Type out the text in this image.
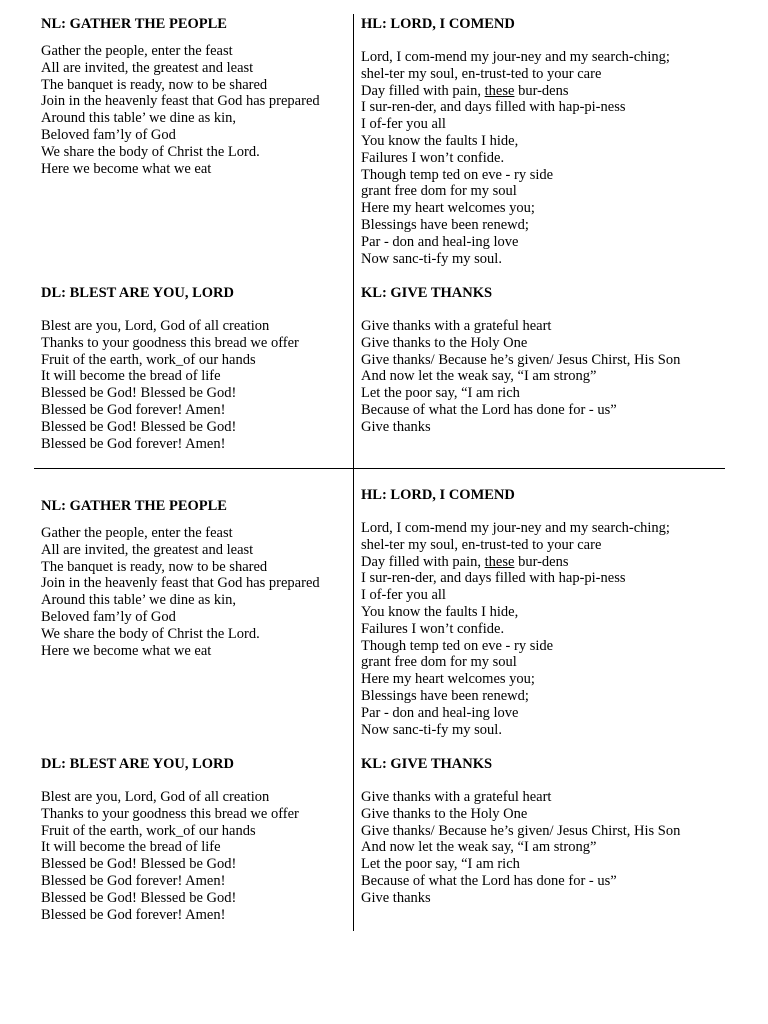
NL: GATHER THE PEOPLE
Gather the people, enter the feast
All are invited, the greatest and least
The banquet is ready, now to be shared
Join in the heavenly feast that God has prepared
Around this table’ we dine as kin,
Beloved fam’ly of God
We share the body of Christ the Lord.
Here we become what we eat
HL: LORD, I COMEND
Lord, I com-mend my jour-ney and my search-ching;
shel-ter my soul, en-trust-ted to your care
Day filled with pain, these bur-dens
I sur-ren-der, and days filled with hap-pi-ness
I of-fer you all
You know the faults I hide,
Failures I won’t confide.
Though temp ted on eve - ry side
grant free dom for my soul
Here my heart welcomes you;
Blessings have been renewd;
Par - don and heal-ing love
Now sanc-ti-fy my soul.
DL: BLEST ARE YOU, LORD
Blest are you, Lord, God of all creation
Thanks to your goodness this bread we offer
Fruit of the earth, work_of our hands
It will become the bread of life
Blessed be God! Blessed be God!
Blessed be God forever! Amen!
Blessed be God! Blessed be God!
Blessed be God forever! Amen!
KL: GIVE THANKS
Give thanks with a grateful heart
Give thanks to the Holy One
Give thanks/ Because he’s given/ Jesus Chirst, His Son
And now let the weak say, “I am strong”
Let the poor say, “I am rich
Because of what the Lord has done for - us”
Give thanks
NL: GATHER THE PEOPLE
Gather the people, enter the feast
All are invited, the greatest and least
The banquet is ready, now to be shared
Join in the heavenly feast that God has prepared
Around this table’ we dine as kin,
Beloved fam’ly of God
We share the body of Christ the Lord.
Here we become what we eat
HL: LORD, I COMEND
Lord, I com-mend my jour-ney and my search-ching;
shel-ter my soul, en-trust-ted to your care
Day filled with pain, these bur-dens
I sur-ren-der, and days filled with hap-pi-ness
I of-fer you all
You know the faults I hide,
Failures I won’t confide.
Though temp ted on eve - ry side
grant free dom for my soul
Here my heart welcomes you;
Blessings have been renewd;
Par - don and heal-ing love
Now sanc-ti-fy my soul.
DL: BLEST ARE YOU, LORD
Blest are you, Lord, God of all creation
Thanks to your goodness this bread we offer
Fruit of the earth, work_of our hands
It will become the bread of life
Blessed be God! Blessed be God!
Blessed be God forever! Amen!
Blessed be God! Blessed be God!
Blessed be God forever! Amen!
KL: GIVE THANKS
Give thanks with a grateful heart
Give thanks to the Holy One
Give thanks/ Because he’s given/ Jesus Chirst, His Son
And now let the weak say, “I am strong”
Let the poor say, “I am rich
Because of what the Lord has done for - us”
Give thanks
